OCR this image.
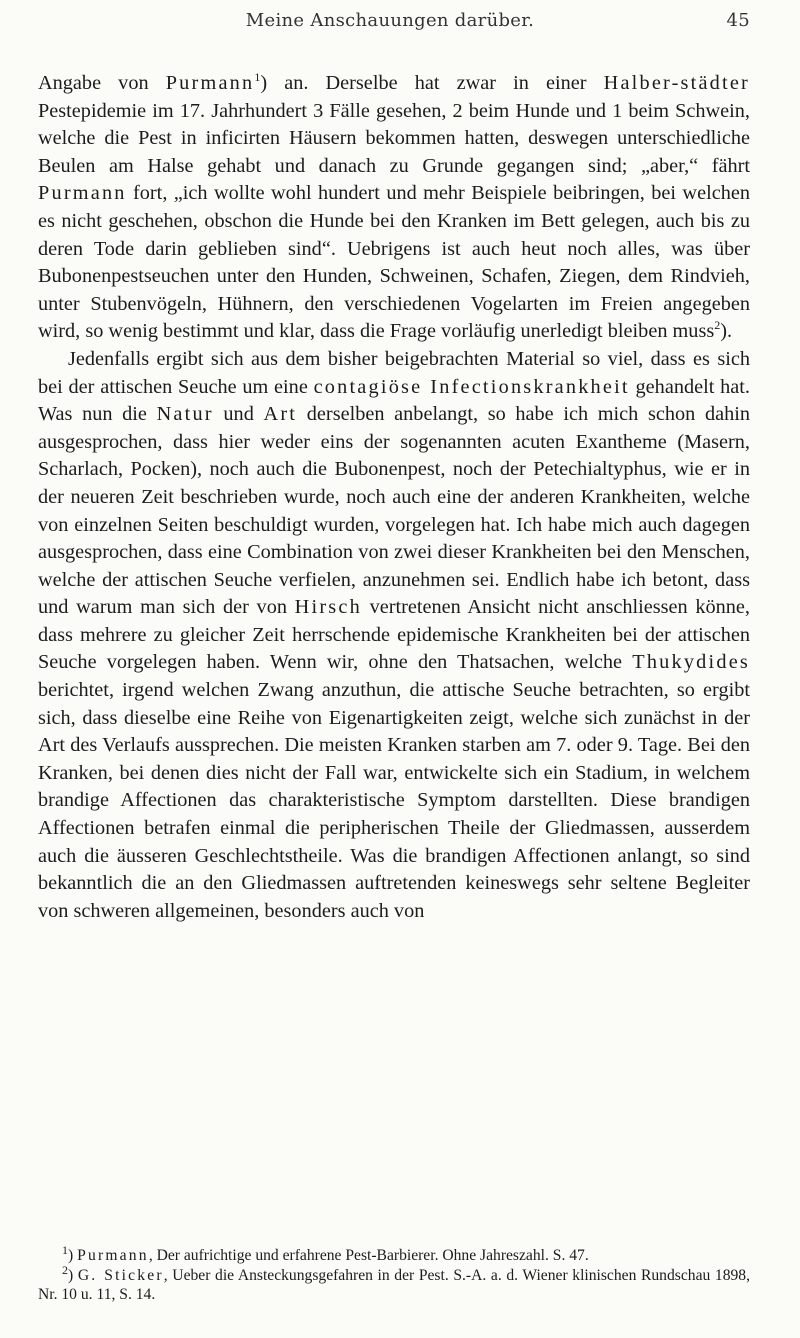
Meine Anschauungen darüber.	45

Angabe von Purmann$^1$) an. Derselbe hat zwar in einer Halber-städter Pestepidemie im 17. Jahrhundert 3 Fälle gesehen, 2 beim Hunde und 1 beim Schwein, welche die Pest in inficirten Häusern bekommen hatten, deswegen unterschiedliche Beulen am Halse gehabt und danach zu Grunde gegangen sind; „aber,“ fährt Purmann fort, „ich wollte wohl hundert und mehr Beispiele beibringen, bei welchen es nicht geschehen, obschon die Hunde bei den Kranken im Bett gelegen, auch bis zu deren Tode darin geblieben sind“. Uebrigens ist auch heut noch alles, was über Bubonenpestseuchen unter den Hunden, Schweinen, Schafen, Ziegen, dem Rindvieh, unter Stubenvögeln, Hühnern, den verschiedenen Vogelarten im Freien angegeben wird, so wenig bestimmt und klar, dass die Frage vorläufig unerledigt bleiben muss$^2$).

Jedenfalls ergibt sich aus dem bisher beigebrachten Material so viel, dass es sich bei der attischen Seuche um eine contagiöse Infectionskrankheit gehandelt hat. Was nun die Natur und Art derselben anbelangt, so habe ich mich schon dahin ausgesprochen, dass hier weder eins der sogenannten acuten Exantheme (Masern, Scharlach, Pocken), noch auch die Bubonenpest, noch der Petechialtyphus, wie er in der neueren Zeit beschrieben wurde, noch auch eine der anderen Krankheiten, welche von einzelnen Seiten beschuldigt wurden, vorgelegen hat. Ich habe mich auch dagegen ausgesprochen, dass eine Combination von zwei dieser Krankheiten bei den Menschen, welche der attischen Seuche verfielen, anzunehmen sei. Endlich habe ich betont, dass und warum man sich der von Hirsch vertretenen Ansicht nicht anschliessen könne, dass mehrere zu gleicher Zeit herrschende epidemische Krankheiten bei der attischen Seuche vorgelegen haben. Wenn wir, ohne den Thatsachen, welche Thukydides berichtet, irgend welchen Zwang anzuthun, die attische Seuche betrachten, so ergibt sich, dass dieselbe eine Reihe von Eigenartigkeiten zeigt, welche sich zunächst in der Art des Verlaufs aussprechen. Die meisten Kranken starben am 7. oder 9. Tage. Bei den Kranken, bei denen dies nicht der Fall war, entwickelte sich ein Stadium, in welchem brandige Affectionen das charakteristische Symptom darstellten. Diese brandigen Affectionen betrafen einmal die peripherischen Theile der Gliedmassen, ausserdem auch die äusseren Geschlechtstheile. Was die brandigen Affectionen anlangt, so sind bekanntlich die an den Gliedmassen auftretenden keineswegs sehr seltene Begleiter von schweren allgemeinen, besonders auch von

$^1$) Purmann, Der aufrichtige und erfahrene Pest-Barbierer. Ohne Jahreszahl. S. 47.

$^2$) G. Sticker, Ueber die Ansteckungsgefahren in der Pest. S.-A. a. d. Wiener klinischen Rundschau 1898, Nr. 10 u. 11, S. 14.
